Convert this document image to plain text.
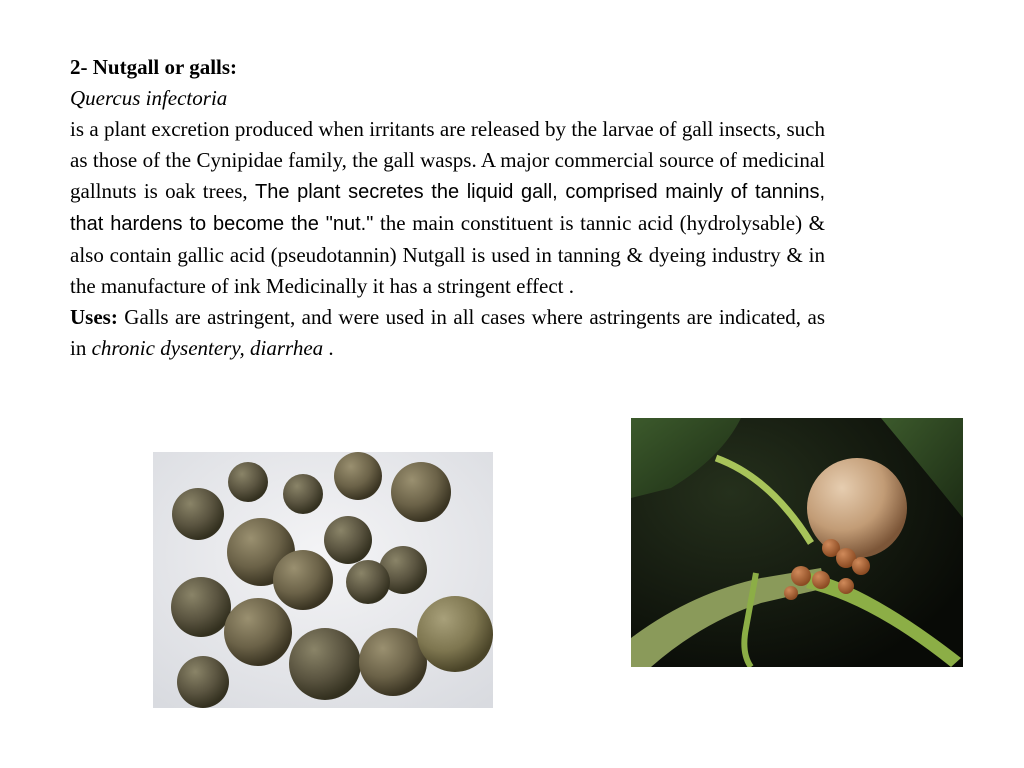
2- Nutgall or galls:

Quercus infectoria

is a plant excretion produced when irritants are released by the larvae of gall insects, such as those of the Cynipidae family, the gall wasps. A major commercial source of medicinal gallnuts is oak trees, The plant secretes the liquid gall, comprised mainly of tannins, that hardens to become the "nut." the main constituent is tannic acid (hydrolysable) & also contain gallic acid (pseudotannin) Nutgall is used in tanning & dyeing industry & in the manufacture of ink Medicinally it has a stringent effect .

Uses: Galls are astringent, and were used in all cases where astringents are indicated, as in chronic dysentery, diarrhea .
